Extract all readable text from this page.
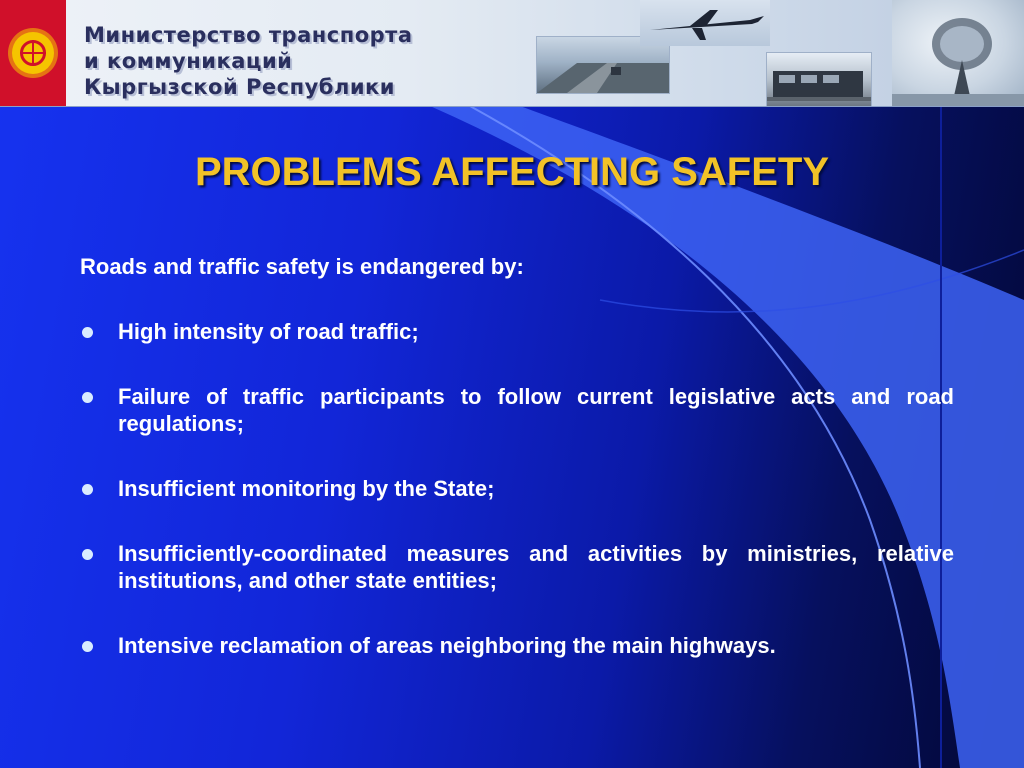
Министерство транспорта
и коммуникаций
Кыргызской Республики
PROBLEMS AFFECTING SAFETY
Roads and traffic safety is endangered by:
High intensity of road traffic;
Failure of traffic participants to follow current legislative acts and road regulations;
Insufficient monitoring by the State;
Insufficiently-coordinated measures and activities by ministries, relative institutions, and other state entities;
Intensive reclamation of areas neighboring the main highways.
